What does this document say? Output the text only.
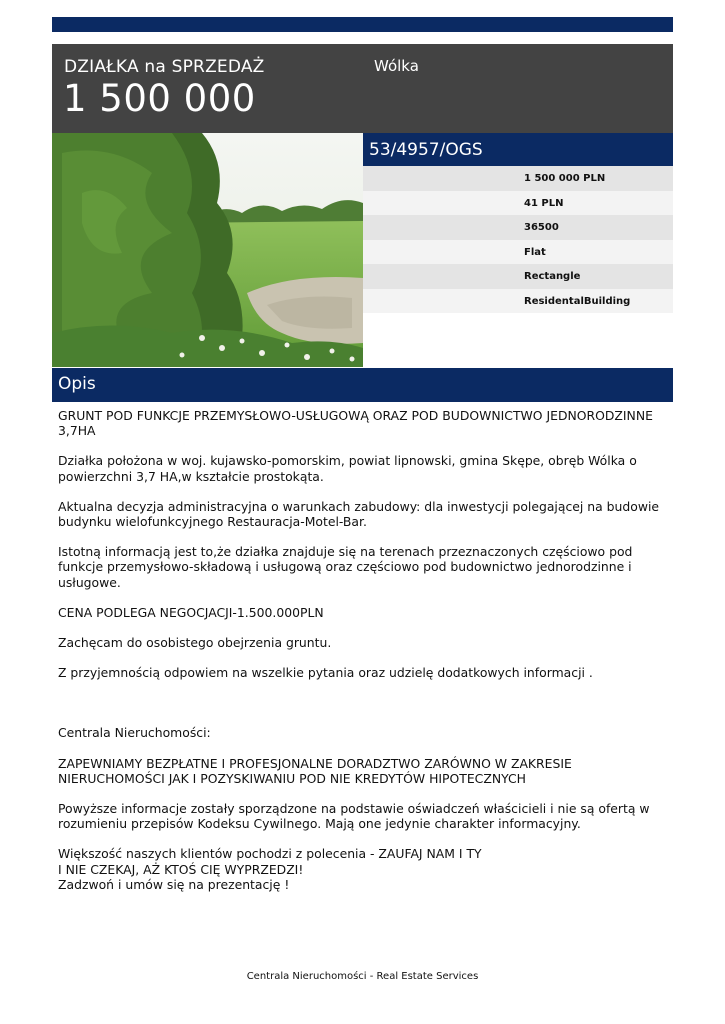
DZIAŁKA na SPRZEDAŻ
1 500 000
Wólka
53/4957/OGS
1 500 000 PLN
41 PLN
36500
Flat
Rectangle
ResidentalBuilding
Opis

GRUNT POD FUNKCJE PRZEMYSŁOWO-USŁUGOWĄ ORAZ POD BUDOWNICTWO JEDNORODZINNE
3,7HA

Działka położona w woj. kujawsko-pomorskim, powiat lipnowski, gmina Skępe, obręb Wólka o
powierzchni 3,7 HA,w kształcie prostokąta.

Aktualna decyzja administracyjna o warunkach zabudowy: dla inwestycji polegającej na budowie
budynku wielofunkcyjnego Restauracja-Motel-Bar.

Istotną informacją jest to,że działka znajduje się na terenach przeznaczonych częściowo pod
funkcje przemysłowo-składową i usługową oraz częściowo pod budownictwo jednorodzinne i
usługowe.

CENA PODLEGA NEGOCJACJI-1.500.000PLN

Zachęcam do osobistego obejrzenia gruntu.

Z przyjemnością odpowiem na wszelkie pytania oraz udzielę dodatkowych informacji .

Centrala Nieruchomości:

ZAPEWNIAMY BEZPŁATNE I PROFESJONALNE DORADZTWO ZARÓWNO W ZAKRESIE
NIERUCHOMOŚCI JAK I POZYSKIWANIU POD NIE KREDYTÓW HIPOTECZNYCH

Powyższe informacje zostały sporządzone na podstawie oświadczeń właścicieli i nie są ofertą w
rozumieniu przepisów Kodeksu Cywilnego. Mają one jedynie charakter informacyjny.

Większość naszych klientów pochodzi z polecenia - ZAUFAJ NAM I TY
I NIE CZEKAJ, AŻ KTOŚ CIĘ WYPRZEDZI!
Zadzwoń i umów się na prezentację !

Centrala Nieruchomości - Real Estate Services
